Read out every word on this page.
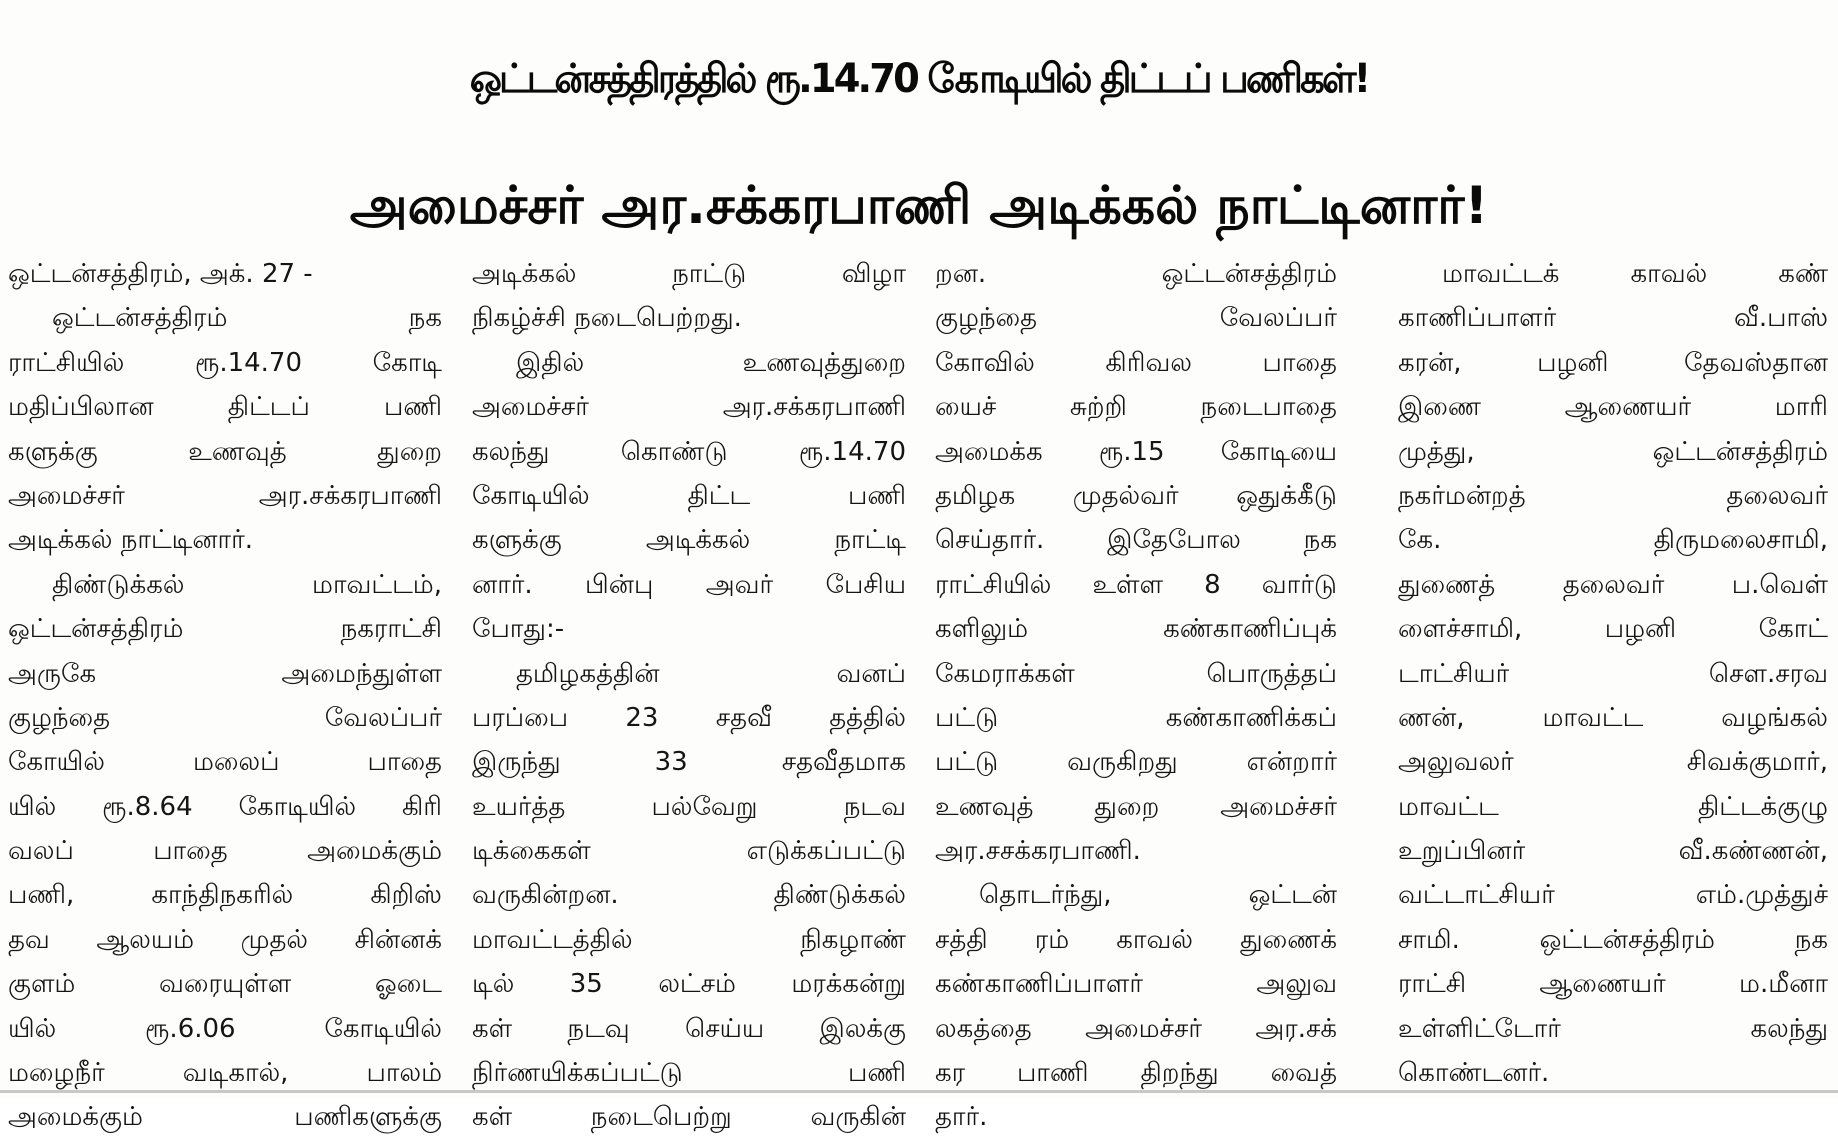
ஒட்டன்சத்திரத்தில் ரூ.14.70 கோடியில் திட்டப் பணிகள்!
அமைச்சர் அர.சக்கரபாணி அடிக்கல் நாட்டினார்!
ஒட்டன்சத்திரம், அக். 27 -
ஒட்டன்சத்திரம் நக
ராட்சியில் ரூ.14.70 கோடி
மதிப்பிலான திட்டப் பணி
களுக்கு உணவுத் துறை
அமைச்சர் அர.சக்கரபாணி
அடிக்கல் நாட்டினார்.
திண்டுக்கல் மாவட்டம்,
ஒட்டன்சத்திரம் நகராட்சி
அருகே அமைந்துள்ள
குழந்தை வேலப்பர்
கோயில் மலைப் பாதை
யில் ரூ.8.64 கோடியில் கிரி
வலப் பாதை அமைக்கும்
பணி, காந்திநகரில் கிறிஸ்
தவ ஆலயம் முதல் சின்னக்
குளம் வரையுள்ள ஓடை
யில் ரூ.6.06 கோடியில்
மழைநீர் வடிகால், பாலம்
அமைக்கும் பணிகளுக்கு
அடிக்கல் நாட்டு விழா
நிகழ்ச்சி நடைபெற்றது.
இதில் உணவுத்துறை
அமைச்சர் அர.சக்கரபாணி
கலந்து கொண்டு ரூ.14.70
கோடியில் திட்ட பணி
களுக்கு அடிக்கல் நாட்டி
னார். பின்பு அவர் பேசிய
போது:-
தமிழகத்தின் வனப்
பரப்பை 23 சதவீ தத்தில்
இருந்து 33 சதவீதமாக
உயர்த்த பல்வேறு நடவ
டிக்கைகள் எடுக்கப்பட்டு
வருகின்றன. திண்டுக்கல்
மாவட்டத்தில் நிகழாண்
டில் 35 லட்சம் மரக்கன்று
கள் நடவு செய்ய இலக்கு
நிர்ணயிக்கப்பட்டு பணி
கள் நடைபெற்று வருகின்
றன. ஒட்டன்சத்திரம்
குழந்தை வேலப்பர்
கோவில் கிரிவல பாதை
யைச் சுற்றி நடைபாதை
அமைக்க ரூ.15 கோடியை
தமிழக முதல்வர் ஒதுக்கீடு
செய்தார். இதேபோல நக
ராட்சியில் உள்ள 8 வார்டு
களிலும் கண்காணிப்புக்
கேமராக்கள் பொருத்தப்
பட்டு கண்காணிக்கப்
பட்டு வருகிறது என்றார்
உணவுத் துறை அமைச்சர்
அர.சசக்கரபாணி.
தொடர்ந்து, ஒட்டன்
சத்தி ரம் காவல் துணைக்
கண்காணிப்பாளர் அலுவ
லகத்தை அமைச்சர் அர.சக்
கர பாணி திறந்து வைத்
தார்.
மாவட்டக் காவல் கண்
காணிப்பாளர் வீ.பாஸ்
கரன், பழனி தேவஸ்தான
இணை ஆணையர் மாரி
முத்து, ஒட்டன்சத்திரம்
நகர்மன்றத் தலைவர்
கே. திருமலைசாமி,
துணைத் தலைவர் ப.வெள்
ளைச்சாமி, பழனி கோட்
டாட்சியர் செள.சரவ
ணன், மாவட்ட வழங்கல்
அலுவலர் சிவக்குமார்,
மாவட்ட திட்டக்குழு
உறுப்பினர் வீ.கண்ணன்,
வட்டாட்சியர் எம்.முத்துச்
சாமி. ஒட்டன்சத்திரம் நக
ராட்சி ஆணையர் ம.மீனா
உள்ளிட்டோர் கலந்து
கொண்டனர்.
